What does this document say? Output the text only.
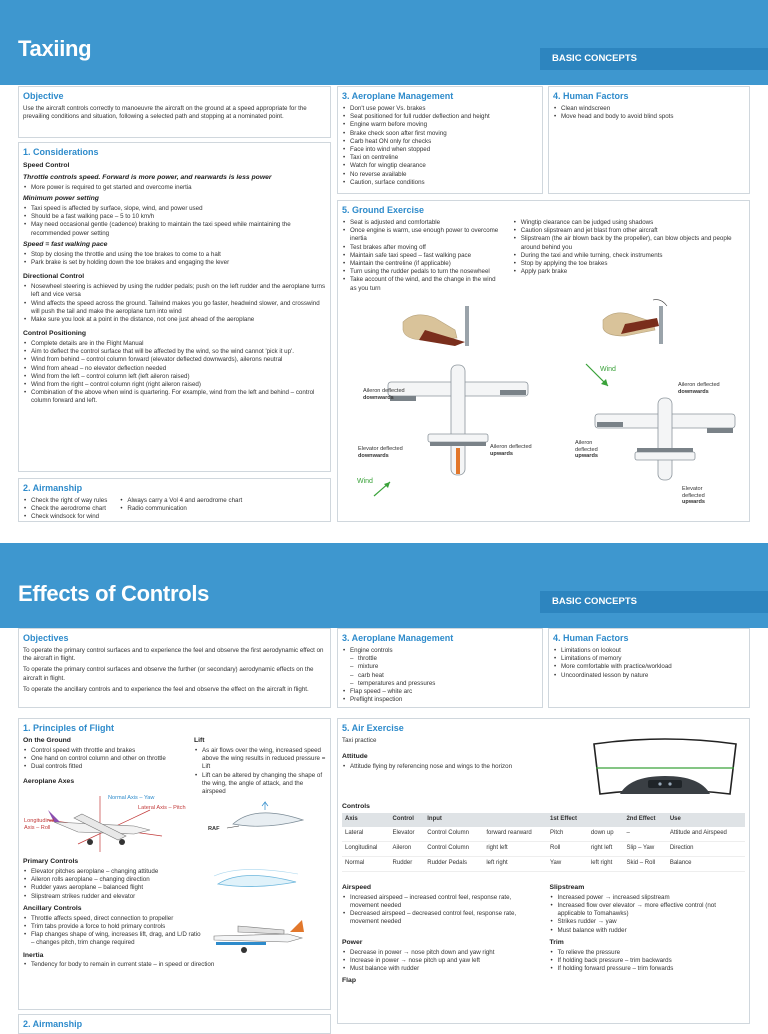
Taxiing	BASIC CONCEPTS
Objective

Use the aircraft controls correctly to manoeuvre the aircraft on the ground at a speed appropriate for the prevailing conditions and situation, following a selected path and stopping at a nominated point.

3. Aeroplane Management
• Don't use power Vs. brakes
• Seat positioned for full rudder deflection and height
• Engine warm before moving
• Brake check soon after first moving
• Carb heat ON only for checks
• Face into wind when stopped
• Taxi on centreline
• Watch for wingtip clearance
• No reverse available
• Caution, surface conditions
4. Human Factors
• Clean windscreen
• Move head and body to avoid blind spots
1. Considerations
Speed Control
Throttle controls speed. Forward is more power, and rearwards is less power
• More power is required to get started and overcome inertia
Minimum power setting
• Taxi speed is affected by surface, slope, wind, and power used
• Should be a fast walking pace – 5 to 10 km/h
• May need occasional gentle (cadence) braking to maintain the taxi speed while maintaining the recommended power setting
Speed = fast walking pace
• Stop by closing the throttle and using the toe brakes to come to a halt
• Park brake is set by holding down the toe brakes and engaging the lever
Directional Control
• Nosewheel steering is achieved by using the rudder pedals; push on the left rudder and the aeroplane turns left and vice versa
• Wind affects the speed across the ground. Tailwind makes you go faster, headwind slower, and crosswind will push the tail and make the aeroplane turn into wind
• Make sure you look at a point in the distance, not one just ahead of the aeroplane
Control Positioning
• Complete details are in the Flight Manual
• Aim to deflect the control surface that will be affected by the wind, so the wind cannot 'pick it up'.
• Wind from behind – control column forward (elevator deflected downwards), ailerons neutral
• Wind from ahead – no elevator deflection needed
• Wind from the left – control column left (left aileron raised)
• Wind from the right – control column right (right aileron raised)
• Combination of the above when wind is quartering. For example, wind from the left and behind – control column forward and left.
5. Ground Exercise
• Seat is adjusted and comfortable
• Once engine is warm, use enough power to overcome inertia
• Test brakes after moving off
• Maintain safe taxi speed – fast walking pace
• Maintain the centreline (if applicable)
• Turn using the rudder pedals to turn the nosewheel
• Take account of the wind, and the change in the wind as you turn
• Wingtip clearance can be judged using shadows
• Caution slipstream and jet blast from other aircraft
• Slipstream (the air blown back by the propeller), can blow objects and people around behind you
• During the taxi and while turning, check instruments
• Stop by applying the toe brakes
• Apply park brake
Aileron deflected
downwards
Elevator deflected
downwards
Aileron deflected
upwards
Wind
Wind
Aileron deflected
downwards
Aileron
deflected
upwards
Elevator
deflected
upwards
2. Airmanship
• Check the right of way rules
• Check the aerodrome chart
• Check windsock for wind
• Always carry a Vol 4 and aerodrome chart
• Radio communication
Effects of Controls	BASIC CONCEPTS
Objectives

To operate the primary control surfaces and to experience the feel and observe the first aerodynamic effect on the aircraft in flight.

To operate the primary control surfaces and observe the further (or secondary) aerodynamic effects on the aircraft in flight.

To operate the ancillary controls and to experience the feel and observe the effect on the aircraft in flight.

3. Aeroplane Management
• Engine controls
– throttle
– mixture
– carb heat
– temperatures and pressures
• Flap speed – white arc
• Preflight inspection
4. Human Factors
• Limitations on lookout
• Limitations of memory
• More comfortable with practice/workload
• Uncoordinated lesson by nature
1. Principles of Flight
On the Ground
• Control speed with throttle and brakes
• One hand on control column and other on throttle
• Dual controls fitted
Lift
• As air flows over the wing, increased speed above the wing results in reduced pressure = Lift
• Lift can be altered by changing the shape of the wing, the angle of attack, and the airspeed
Aeroplane Axes
Primary Controls
• Elevator pitches aeroplane – changing attitude
• Aileron rolls aeroplane – changing direction
• Rudder yaws aeroplane – balanced flight
• Slipstream strikes rudder and elevator
Ancillary Controls
• Throttle affects speed, direct connection to propeller
• Trim tabs provide a force to hold primary controls
• Flap changes shape of wing, increases lift, drag, and L/D ratio – changes pitch, trim change required
Inertia
• Tendency for body to remain in current state – in speed or direction
Normal Axis – Yaw
Lateral Axis – Pitch
Longitudinal Axis – Roll	RAF
5. Air Exercise

Taxi practice

Attitude
• Attitude flying by referencing nose and wings to the horizon
Controls
Axis	Control	Input		1st Effect		2nd Effect	Use
Lateral	Elevator	Control Column	forward rearward	Pitch	down up	–	Attitude and Airspeed
Longitudinal	Aileron	Control Column	right left	Roll	right left	Slip – Yaw	Direction
Normal	Rudder	Rudder Pedals	left right	Yaw	left right	Skid – Roll	Balance
Airspeed
• Increased airspeed – increased control feel, response rate, movement needed
• Decreased airspeed – decreased control feel, response rate, movement needed
Power
• Decrease in power → nose pitch down and yaw right
• Increase in power → nose pitch up and yaw left
• Must balance with rudder
Flap
Slipstream
• Increased power → increased slipstream
• Increased flow over elevator → more effective control (not applicable to Tomahawks)
• Strikes rudder → yaw
• Must balance with rudder
Trim
• To relieve the pressure
• If holding back pressure – trim backwards
• If holding forward pressure – trim forwards
2. Airmanship
